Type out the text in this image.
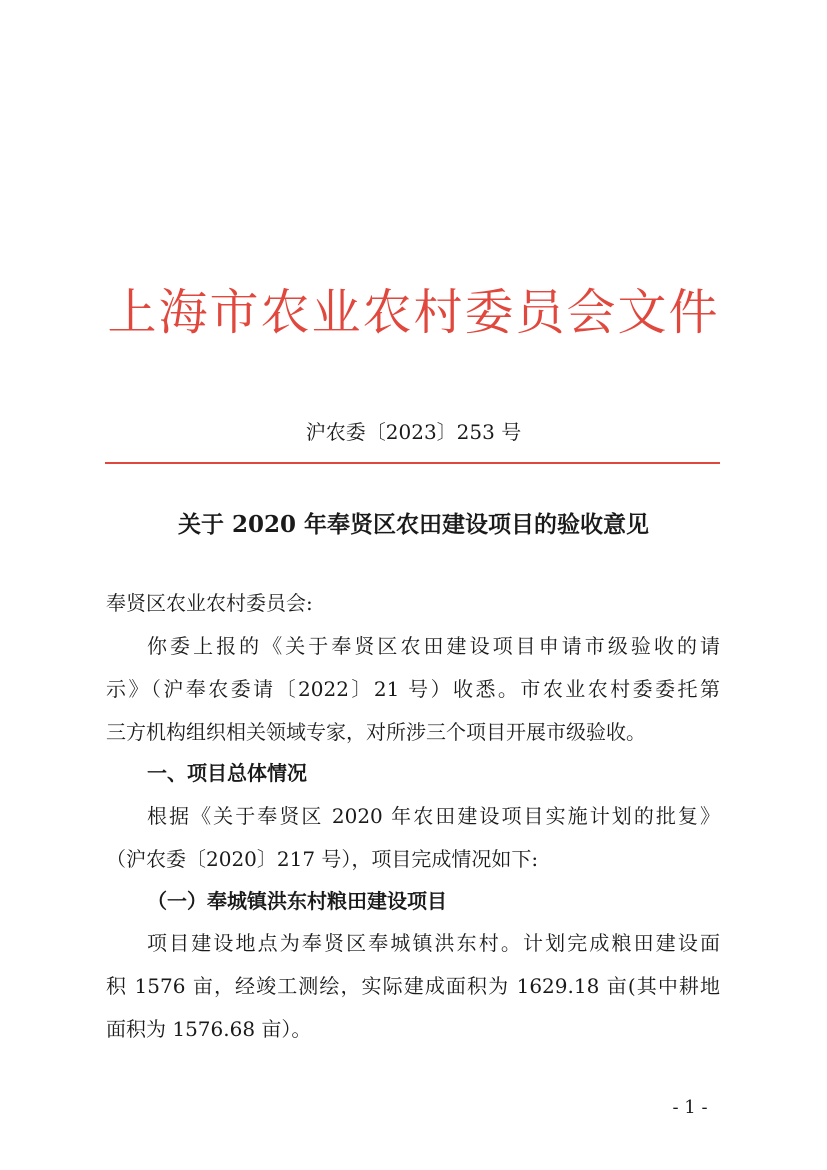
上海市农业农村委员会文件
沪农委〔2023〕253 号
关于 2020 年奉贤区农田建设项目的验收意见
奉贤区农业农村委员会:
你委上报的《关于奉贤区农田建设项目申请市级验收的请
示》（沪奉农委请〔2022〕21 号）收悉。市农业农村委委托第
三方机构组织相关领域专家，对所涉三个项目开展市级验收。
一、项目总体情况
根据《关于奉贤区 2020 年农田建设项目实施计划的批复》
（沪农委〔2020〕217 号），项目完成情况如下:
（一）奉城镇洪东村粮田建设项目
项目建设地点为奉贤区奉城镇洪东村。计划完成粮田建设面
积 1576 亩，经竣工测绘，实际建成面积为 1629.18 亩(其中耕地
面积为 1576.68 亩）。
- 1 -
